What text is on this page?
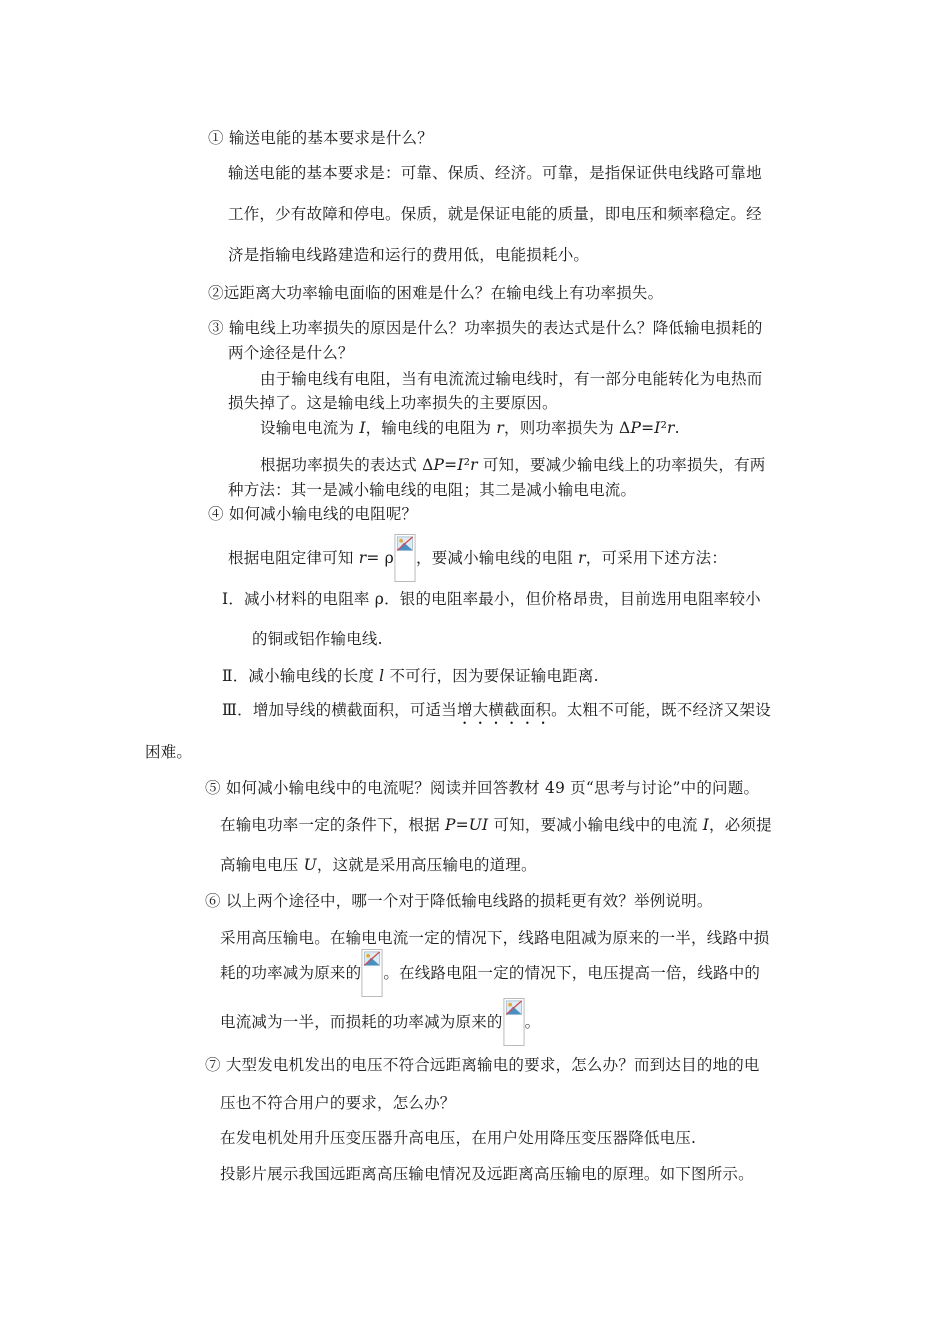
① 输送电能的基本要求是什么？
输送电能的基本要求是：可靠、保质、经济。可靠，是指保证供电线路可靠地
工作，少有故障和停电。保质，就是保证电能的质量，即电压和频率稳定。经
济是指输电线路建造和运行的费用低，电能损耗小。
②远距离大功率输电面临的困难是什么？在输电线上有功率损失。
③ 输电线上功率损失的原因是什么？功率损失的表达式是什么？降低输电损耗的
两个途径是什么？
由于输电线有电阻，当有电流流过输电线时，有一部分电能转化为电热而
损失掉了。这是输电线上功率损失的主要原因。
设输电电流为 I，输电线的电阻为 r，则功率损失为 ΔP=I²r.
根据功率损失的表达式 ΔP=I²r 可知，要减少输电线上的功率损失，有两
种方法：其一是减小输电线的电阻；其二是减小输电电流。
④ 如何减小输电线的电阻呢？
根据电阻定律可知 r= ρ ，要减小输电线的电阻 r，可采用下述方法：
Ⅰ．减小材料的电阻率 ρ．银的电阻率最小，但价格昂贵，目前选用电阻率较小
的铜或铝作输电线.
Ⅱ．减小输电线的长度 l 不可行，因为要保证输电距离.
Ⅲ．增加导线的横截面积，可适当增大横截面积。太粗不可能，既不经济又架设
困难。
⑤ 如何减小输电线中的电流呢？阅读并回答教材 49 页“思考与讨论”中的问题。
在输电功率一定的条件下，根据 P=UI 可知，要减小输电线中的电流 I，必须提
高输电电压 U，这就是采用高压输电的道理。
⑥ 以上两个途径中，哪一个对于降低输电线路的损耗更有效？举例说明。
采用高压输电。在输电电流一定的情况下，线路电阻减为原来的一半，线路中损
耗的功率减为原来的 。在线路电阻一定的情况下，电压提高一倍，线路中的
电流减为一半，而损耗的功率减为原来的 。
⑦ 大型发电机发出的电压不符合远距离输电的要求，怎么办？而到达目的地的电
压也不符合用户的要求，怎么办？
在发电机处用升压变压器升高电压，在用户处用降压变压器降低电压.
投影片展示我国远距离高压输电情况及远距离高压输电的原理。如下图所示。
